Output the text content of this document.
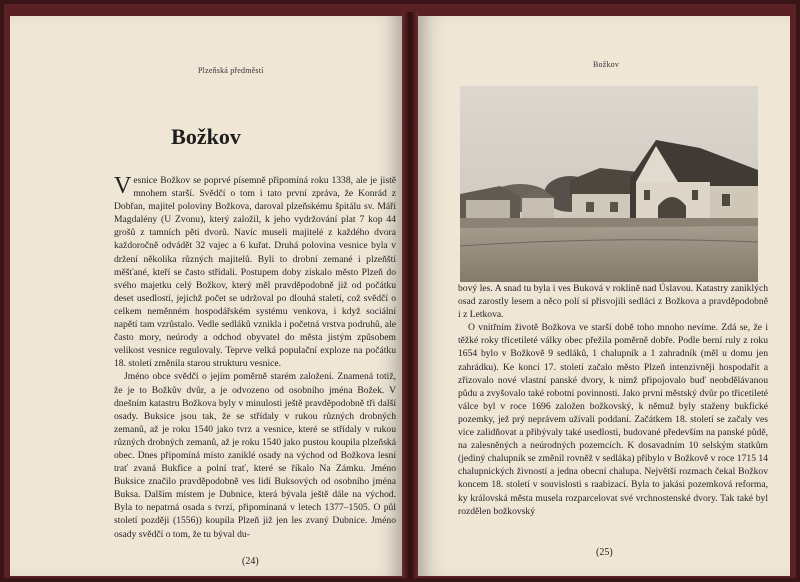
Plzeňská předměstí
Božkov

Vesnice Božkov se poprvé písemně připomíná roku 1338, ale je jistě mnohem starší. Svědčí o tom i tato první zpráva, že Konrád z Dobřan, majitel poloviny Božkova, daroval plzeňskému špitálu sv. Máří Magdalény (U Zvonu), který založil, k jeho vydržování plat 7 kop 44 grošů z tamních pěti dvorů. Navíc museli majitelé z každého dvora každoročně odvádět 32 vajec a 6 kuřat. Druhá polovina vesnice byla v držení několika různých majitelů. Byli to drobní zemané i plzeňští měšťané, kteří se často střídali. Postupem doby získalo město Plzeň do svého majetku celý Božkov, který měl pravděpodobně již od počátku deset usedlostí, jejichž počet se udržoval po dlouhá staletí, což svědčí o celkem neměnném hospodářském systému venkova, i když sociální napětí tam vzrůstalo. Vedle sedláků vznikla i početná vrstva podruhů, ale často mory, neúrody a odchod obyvatel do města jistým způsobem velikost vesnice regulovaly. Teprve velká populační exploze na počátku 18. století změnila starou strukturu vesnice.

Jméno obce svědčí o jejím poměrně starém založení. Znamená totiž, že je to Božkův dvůr, a je odvozeno od osobního jména Božek. V dnešním katastru Božkova byly v minulosti ještě pravděpodobně tři další osady. Buksice jsou tak, že se střídaly v rukou různých drobných zemanů, až je roku 1540 jako tvrz a vesnice, které se střídaly v rukou různých drobných zemanů, až je roku 1540 jako pustou koupila plzeňská obec. Dnes připomíná místo zaniklé osady na východ od Božkova lesní trať zvaná Bukfice a polní trať, které se říkalo Na Zámku. Jméno Buksice značilo pravděpodobně ves lidí Buksových od osobního jména Buksa. Dalším místem je Dubnice, která bývala ještě dále na východ. Byla to nepatrná osada s tvrzí, připomínaná v letech 1377–1505. O půl století později (1556)) koupila Plzeň již jen les zvaný Dubnice. Jméno osady svědčí o tom, že tu býval du-

(24)
Božkov

bový les. A snad tu byla i ves Buková v roklině nad Úslavou. Katastry zaniklých osad zarostly lesem a něco polí si přisvojili sedláci z Božkova a pravděpodobně i z Letkova.

O vnitřním životě Božkova ve starší době toho mnoho nevíme. Zdá se, že i těžké roky třicetileté války obec přežila poměrně dobře. Podle berní ruly z roku 1654 bylo v Božkově 9 sedláků, 1 chalupník a 1 zahradník (měl u domu jen zahrádku). Ke konci 17. století začalo město Plzeň intenzivněji hospodařit a zřizovalo nové vlastní panské dvory, k nimž připojovalo buď neobdělávanou půdu a zvyšovalo také robotní povinnosti. Jako první městský dvůr po třicetileté válce byl v roce 1696 založen božkovský, k němuž byly staženy bukfické pozemky, jež prý neprávem užívali poddaní. Začátkem 18. století se začaly ves vice zalidňovat a přibývaly také usedlosti, budované především na panské půdě, na zalesněných a neúrodných pozemcích. K dosavadním 10 selským statkům (jediný chalupník se změnil rovněž v sedláka) přibylo v Božkově v roce 1715 14 chalupnických živností a jedna obecní chalupa. Největší rozmach čekal Božkov koncem 18. století v souvislosti s raabizací. Byla to jakási pozemková reforma, ky královská města musela rozparcelovat své vrchnostenské dvory. Tak také byl rozdělen božkovský

(25)
